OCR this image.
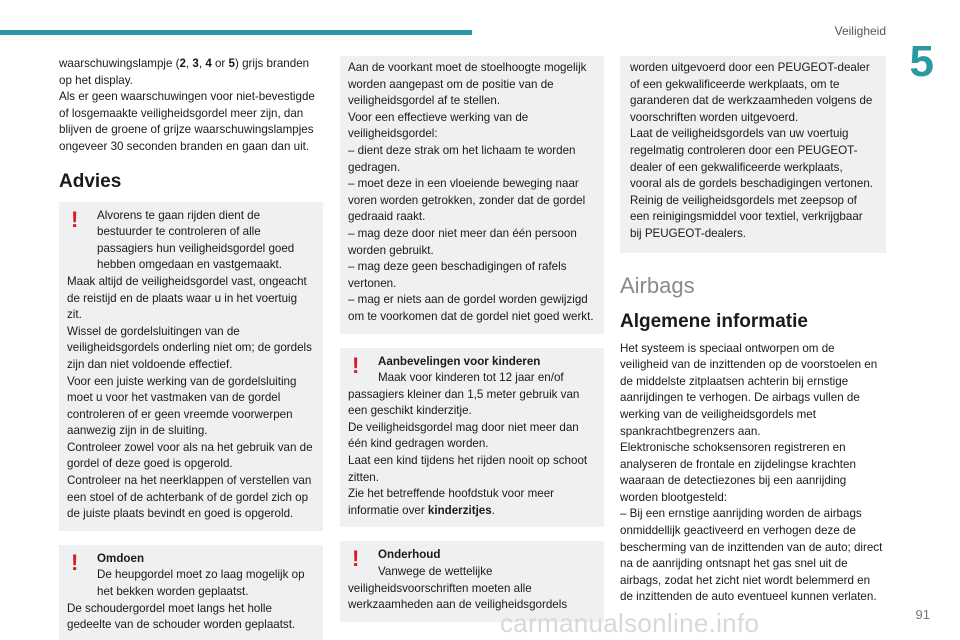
Veiligheid
5
waarschuwingslampje (2, 3, 4 or 5) grijs branden op het display.
Als er geen waarschuwingen voor niet-bevestigde of losgemaakte veiligheidsgordel meer zijn, dan blijven de groene of grijze waarschuwingslampjes ongeveer 30 seconden branden en gaan dan uit.
Advies
!	Alvorens te gaan rijden dient de bestuurder te controleren of alle passagiers hun veiligheidsgordel goed hebben omgedaan en vastgemaakt.
Maak altijd de veiligheidsgordel vast, ongeacht de reistijd en de plaats waar u in het voertuig zit.
Wissel de gordelsluitingen van de veiligheidsgordels onderling niet om; de gordels zijn dan niet voldoende effectief.
Voor een juiste werking van de gordelsluiting moet u voor het vastmaken van de gordel controleren of er geen vreemde voorwerpen aanwezig zijn in de sluiting.
Controleer zowel voor als na het gebruik van de gordel of deze goed is opgerold.
Controleer na het neerklappen of verstellen van een stoel of de achterbank of de gordel zich op de juiste plaats bevindt en goed is opgerold.
!	Omdoen
De heupgordel moet zo laag mogelijk op het bekken worden geplaatst.
De schoudergordel moet langs het holle gedeelte van de schouder worden geplaatst.
Aan de voorkant moet de stoelhoogte mogelijk worden aangepast om de positie van de veiligheidsgordel af te stellen.
Voor een effectieve werking van de veiligheidsgordel:
– dient deze strak om het lichaam te worden gedragen.
– moet deze in een vloeiende beweging naar voren worden getrokken, zonder dat de gordel gedraaid raakt.
– mag deze door niet meer dan één persoon worden gebruikt.
– mag deze geen beschadigingen of rafels vertonen.
– mag er niets aan de gordel worden gewijzigd om te voorkomen dat de gordel niet goed werkt.
!	Aanbevelingen voor kinderen
Maak voor kinderen tot 12 jaar en/of passagiers kleiner dan 1,5 meter gebruik van een geschikt kinderzitje.
De veiligheidsgordel mag door niet meer dan één kind gedragen worden.
Laat een kind tijdens het rijden nooit op schoot zitten.
Zie het betreffende hoofdstuk voor meer informatie over kinderzitjes.
!	Onderhoud
Vanwege de wettelijke veiligheidsvoorschriften moeten alle werkzaamheden aan de veiligheidsgordels
worden uitgevoerd door een PEUGEOT-dealer of een gekwalificeerde werkplaats, om te garanderen dat de werkzaamheden volgens de voorschriften worden uitgevoerd.
Laat de veiligheidsgordels van uw voertuig regelmatig controleren door een PEUGEOT-dealer of een gekwalificeerde werkplaats, vooral als de gordels beschadigingen vertonen.
Reinig de veiligheidsgordels met zeepsop of een reinigingsmiddel voor textiel, verkrijgbaar bij PEUGEOT-dealers.
Airbags
Algemene informatie
Het systeem is speciaal ontworpen om de veiligheid van de inzittenden op de voorstoelen en de middelste zitplaatsen achterin bij ernstige aanrijdingen te verhogen. De airbags vullen de werking van de veiligheidsgordels met spankrachtbegrenzers aan.
Elektronische schoksensoren registreren en analyseren de frontale en zijdelingse krachten waaraan de detectiezones bij een aanrijding worden blootgesteld:
– Bij een ernstige aanrijding worden de airbags onmiddellijk geactiveerd en verhogen deze de bescherming van de inzittenden van de auto; direct na de aanrijding ontsnapt het gas snel uit de airbags, zodat het zicht niet wordt belemmerd en de inzittenden de auto eventueel kunnen verlaten.
carmanualsonline.info	91
